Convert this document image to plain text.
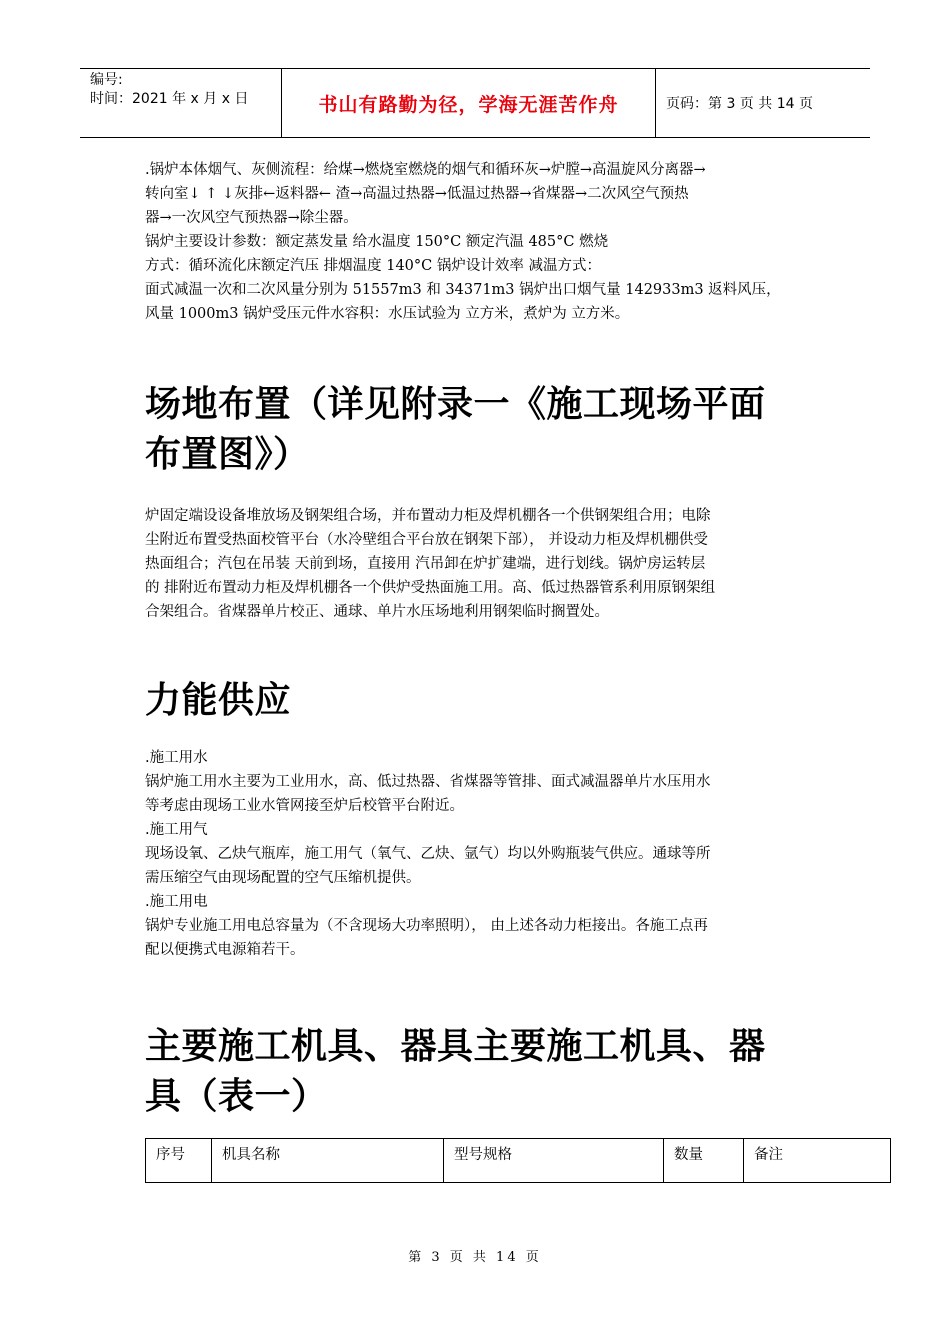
编号:
时间：2021 年 x 月 x 日	书山有路勤为径，学海无涯苦作舟	页码：第 3 页 共 14 页

.锅炉本体烟气、灰侧流程：给煤→燃烧室燃烧的烟气和循环灰→炉膛→高温旋风分离器→

转向室↓ ↑ ↓灰排←返料器← 渣→高温过热器→低温过热器→省煤器→二次风空气预热

器→一次风空气预热器→除尘器。

锅炉主要设计参数：额定蒸发量 给水温度 150°C 额定汽温 485°C 燃烧

方式：循环流化床额定汽压 排烟温度 140°C 锅炉设计效率 减温方式：

面式减温一次和二次风量分别为 51557m3 和 34371m3 锅炉出口烟气量 142933m3 返料风压，

风量 1000m3 锅炉受压元件水容积：水压试验为 立方米，煮炉为 立方米。

场地布置（详见附录一《施工现场平面

布置图》）

炉固定端设设备堆放场及钢架组合场，并布置动力柜及焊机棚各一个供钢架组合用；电除

尘附近布置受热面校管平台（水冷壁组合平台放在钢架下部）， 并设动力柜及焊机棚供受

热面组合；汽包在吊装 天前到场，直接用 汽吊卸在炉扩建端，进行划线。锅炉房运转层

的 排附近布置动力柜及焊机棚各一个供炉受热面施工用。高、低过热器管系利用原钢架组

合架组合。省煤器单片校正、通球、单片水压场地利用钢架临时搁置处。

力能供应

.施工用水

锅炉施工用水主要为工业用水，高、低过热器、省煤器等管排、面式减温器单片水压用水

等考虑由现场工业水管网接至炉后校管平台附近。

.施工用气

现场设氧、乙炔气瓶库，施工用气（氧气、乙炔、氩气）均以外购瓶装气供应。通球等所

需压缩空气由现场配置的空气压缩机提供。

.施工用电

锅炉专业施工用电总容量为（不含现场大功率照明）， 由上述各动力柜接出。各施工点再

配以便携式电源箱若干。

主要施工机具、器具主要施工机具、器

具（表一）

序号	机具名称	型号规格	数量	备注
第 3 页 共 14 页
